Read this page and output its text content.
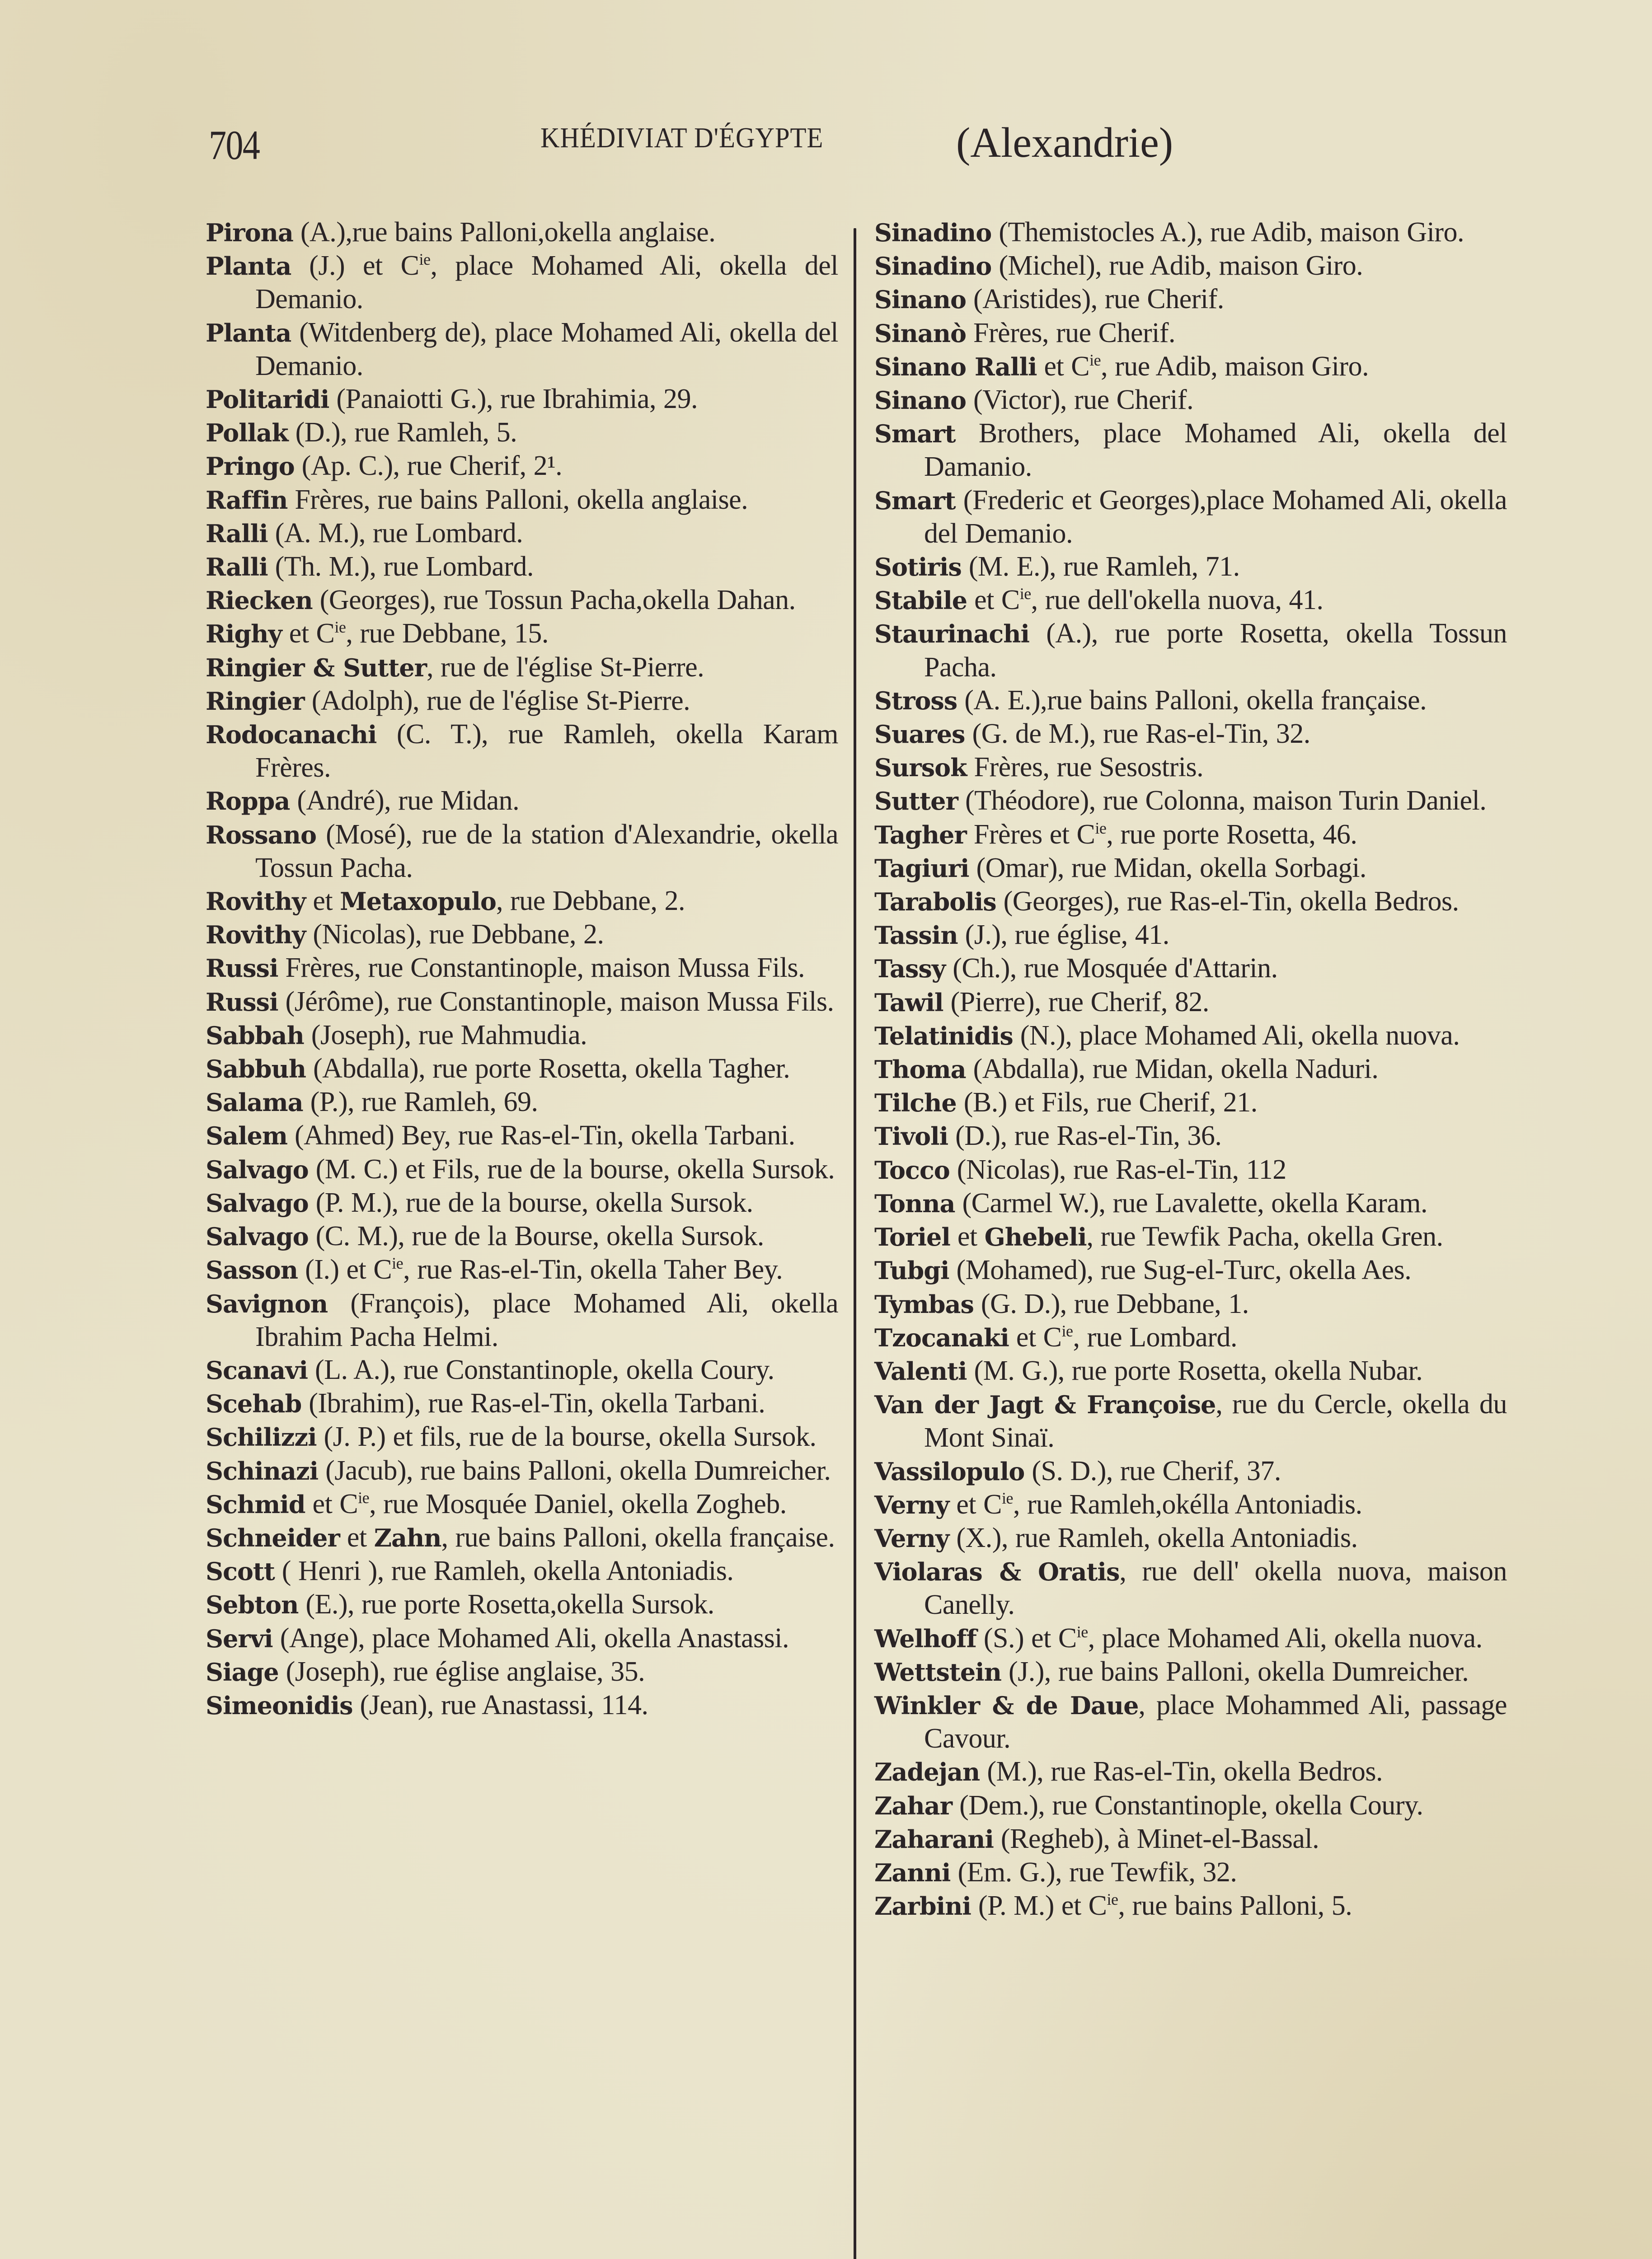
704	KHÉDIVIAT D'ÉGYPTE	(Alexandrie)
Pirona (A.),rue bains Palloni,okella anglaise.
Planta (J.) et $C^{ie}$, place Mohamed Ali, okella del Demanio.
Planta (Witdenberg de), place Mohamed Ali, okella del Demanio.
Politaridi (Panaiotti G.), rue Ibrahimia, 29.
Pollak (D.), rue Ramleh, 5.
Pringo (Ap. C.), rue Cherif, 2¹.
Raffin Frères, rue bains Palloni, okella anglaise.
Ralli (A. M.), rue Lombard.
Ralli (Th. M.), rue Lombard.
Riecken (Georges), rue Tossun Pacha,okella Dahan.
Righy et $C^{ie}$, rue Debbane, 15.
Ringier & Sutter, rue de l'église St-Pierre.
Ringier (Adolph), rue de l'église St-Pierre.
Rodocanachi (C. T.), rue Ramleh, okella Karam Frères.
Roppa (André), rue Midan.
Rossano (Mosé), rue de la station d'Alexandrie, okella Tossun Pacha.
Rovithy et Metaxopulo, rue Debbane, 2.
Rovithy (Nicolas), rue Debbane, 2.
Russi Frères, rue Constantinople, maison Mussa Fils.
Russi (Jérôme), rue Constantinople, maison Mussa Fils.
Sabbah (Joseph), rue Mahmudia.
Sabbuh (Abdalla), rue porte Rosetta, okella Tagher.
Salama (P.), rue Ramleh, 69.
Salem (Ahmed) Bey, rue Ras-el-Tin, okella Tarbani.
Salvago (M. C.) et Fils, rue de la bourse, okella Sursok.
Salvago (P. M.), rue de la bourse, okella Sursok.
Salvago (C. M.), rue de la Bourse, okella Sursok.
Sasson (I.) et $C^{ie}$, rue Ras-el-Tin, okella Taher Bey.
Savignon (François), place Mohamed Ali, okella Ibrahim Pacha Helmi.
Scanavi (L. A.), rue Constantinople, okella Coury.
Scehab (Ibrahim), rue Ras-el-Tin, okella Tarbani.
Schilizzi (J. P.) et fils, rue de la bourse, okella Sursok.
Schinazi (Jacub), rue bains Palloni, okella Dumreicher.
Schmid et $C^{ie}$, rue Mosquée Daniel, okella Zogheb.
Schneider et Zahn, rue bains Palloni, okella française.
Scott ( Henri ), rue Ramleh, okella Antoniadis.
Sebton (E.), rue porte Rosetta,okella Sursok.
Servi (Ange), place Mohamed Ali, okella Anastassi.
Siage (Joseph), rue église anglaise, 35.
Simeonidis (Jean), rue Anastassi, 114.
Sinadino (Themistocles A.), rue Adib, maison Giro.
Sinadino (Michel), rue Adib, maison Giro.
Sinano (Aristides), rue Cherif.
Sinanò Frères, rue Cherif.
Sinano Ralli et $C^{ie}$, rue Adib, maison Giro.
Sinano (Victor), rue Cherif.
Smart Brothers, place Mohamed Ali, okella del Damanio.
Smart (Frederic et Georges),place Mohamed Ali, okella del Demanio.
Sotiris (M. E.), rue Ramleh, 71.
Stabile et $C^{ie}$, rue dell'okella nuova, 41.
Staurinachi (A.), rue porte Rosetta, okella Tossun Pacha.
Stross (A. E.),rue bains Palloni, okella française.
Suares (G. de M.), rue Ras-el-Tin, 32.
Sursok Frères, rue Sesostris.
Sutter (Théodore), rue Colonna, maison Turin Daniel.
Tagher Frères et $C^{ie}$, rue porte Rosetta, 46.
Tagiuri (Omar), rue Midan, okella Sorbagi.
Tarabolis (Georges), rue Ras-el-Tin, okella Bedros.
Tassin (J.), rue église, 41.
Tassy (Ch.), rue Mosquée d'Attarin.
Tawil (Pierre), rue Cherif, 82.
Telatinidis (N.), place Mohamed Ali, okella nuova.
Thoma (Abdalla), rue Midan, okella Naduri.
Tilche (B.) et Fils, rue Cherif, 21.
Tivoli (D.), rue Ras-el-Tin, 36.
Tocco (Nicolas), rue Ras-el-Tin, 112
Tonna (Carmel W.), rue Lavalette, okella Karam.
Toriel et Ghebeli, rue Tewfik Pacha, okella Gren.
Tubgi (Mohamed), rue Sug-el-Turc, okella Aes.
Tymbas (G. D.), rue Debbane, 1.
Tzocanaki et $C^{ie}$, rue Lombard.
Valenti (M. G.), rue porte Rosetta, okella Nubar.
Van der Jagt & Françoise, rue du Cercle, okella du Mont Sinaï.
Vassilopulo (S. D.), rue Cherif, 37.
Verny et $C^{ie}$, rue Ramleh,okélla Antoniadis.
Verny (X.), rue Ramleh, okella Antoniadis.
Violaras & Oratis, rue dell' okella nuova, maison Canelly.
Welhoff (S.) et $C^{ie}$, place Mohamed Ali, okella nuova.
Wettstein (J.), rue bains Palloni, okella Dumreicher.
Winkler & de Daue, place Mohammed Ali, passage Cavour.
Zadejan (M.), rue Ras-el-Tin, okella Bedros.
Zahar (Dem.), rue Constantinople, okella Coury.
Zaharani (Regheb), à Minet-el-Bassal.
Zanni (Em. G.), rue Tewfik, 32.
Zarbini (P. M.) et $C^{ie}$, rue bains Palloni, 5.
